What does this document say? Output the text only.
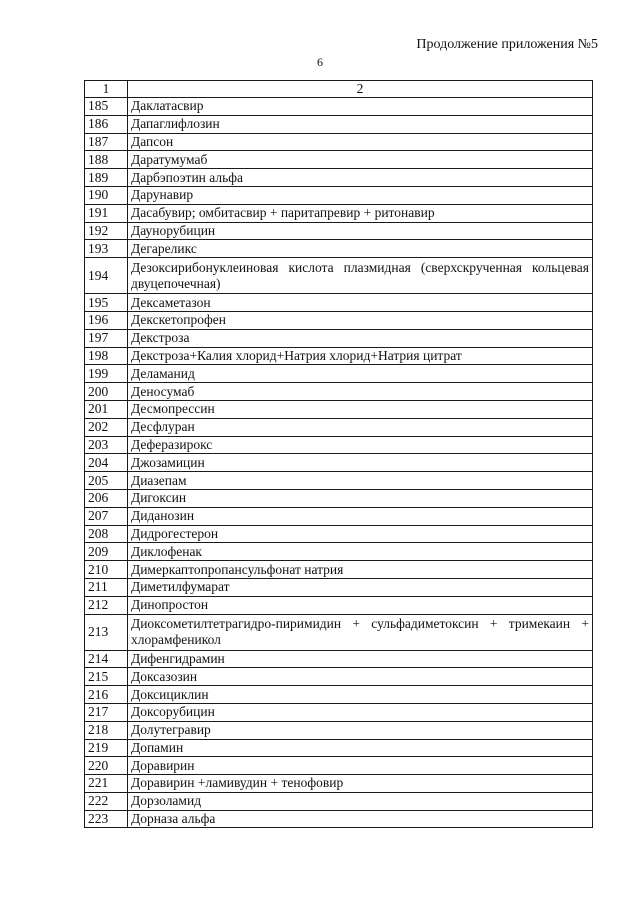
Продолжение приложения №5
6
1	2
185	Даклатасвир
186	Дапаглифлозин
187	Дапсон
188	Даратумумаб
189	Дарбэпоэтин альфа
190	Дарунавир
191	Дасабувир; омбитасвир + паритапревир + ритонавир
192	Даунорубицин
193	Дегареликс
194	Дезоксирибонуклеиновая кислота плазмидная (сверхскрученная кольцевая двуцепочечная)
195	Дексаметазон
196	Декскетопрофен
197	Декстроза
198	Декстроза+Калия хлорид+Натрия хлорид+Натрия цитрат
199	Деламанид
200	Деносумаб
201	Десмопрессин
202	Десфлуран
203	Деферазирокс
204	Джозамицин
205	Диазепам
206	Дигоксин
207	Диданозин
208	Дидрогестерон
209	Диклофенак
210	Димеркаптопропансульфонат натрия
211	Диметилфумарат
212	Динопростон
213	Диоксометилтетрагидро-пиримидин + сульфадиметоксин + тримекаин + хлорамфеникол
214	Дифенгидрамин
215	Доксазозин
216	Доксициклин
217	Доксорубицин
218	Долутегравир
219	Допамин
220	Доравирин
221	Доравирин +ламивудин + тенофовир
222	Дорзоламид
223	Дорназа альфа
